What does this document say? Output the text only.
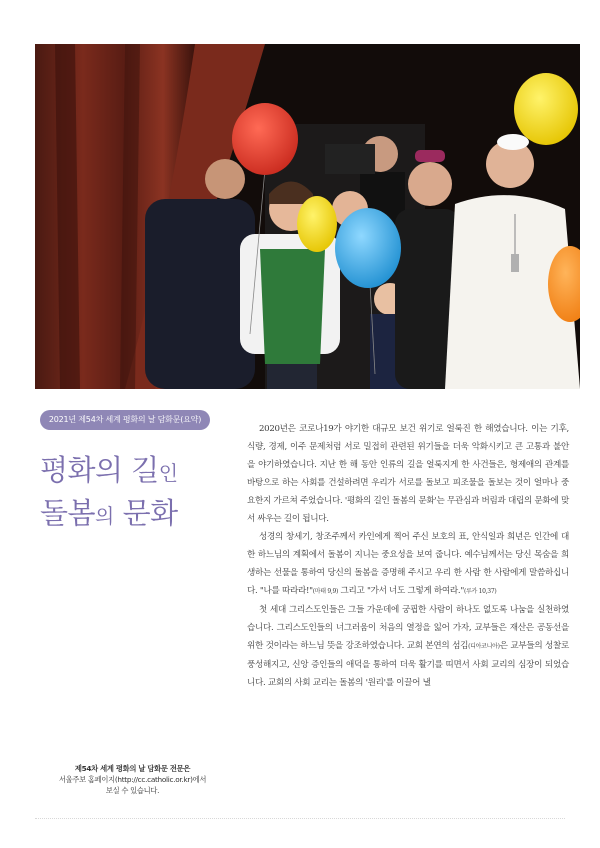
2021년 제54차 세계 평화의 날 담화문(요약)
평화의 길인
돌봄의 문화
제54차 세계 평화의 날 담화문 전문은
서울주보 홈페이지(http://cc.catholic.or.kr)에서
보실 수 있습니다.

2020년은 코로나19가 야기한 대규모 보건 위기로 얼룩진 한 해였습니다. 이는 기후, 식량, 경제, 이주 문제처럼 서로 밀접히 관련된 위기들을 더욱 악화시키고 큰 고통과 불안을 야기하였습니다. 지난 한 해 동안 인류의 길을 얼룩지게 한 사건들은, 형제애의 관계를 바탕으로 하는 사회를 건설하려면 우리가 서로를 돌보고 피조물을 돌보는 것이 얼마나 중요한지 가르쳐 주었습니다. '평화의 길인 돌봄의 문화'는 무관심과 버림과 대립의 문화에 맞서 싸우는 길이 됩니다.

성경의 창세기, 창조주께서 카인에게 찍어 주신 보호의 표, 안식일과 희년은 인간에 대한 하느님의 계획에서 돌봄이 지니는 중요성을 보여 줍니다. 예수님께서는 당신 목숨을 희생하는 선물을 통하여 당신의 돌봄을 증명해 주시고 우리 한 사람 한 사람에게 말씀하십니다. "나를 따라라!"(마태 9,9) 그리고 "가서 너도 그렇게 하여라."(루카 10,37)

첫 세대 그리스도인들은 그들 가운데에 궁핍한 사람이 하나도 없도록 나눔을 실천하였습니다. 그리스도인들의 너그러움이 처음의 열정을 잃어 가자, 교부들은 재산은 공동선을 위한 것이라는 하느님 뜻을 강조하였습니다. 교회 본연의 섬김(디아코니아)은 교부들의 성찰로 풍성해지고, 신앙 증인들의 애덕을 통하여 더욱 활기를 띠면서 사회 교리의 심장이 되었습니다. 교회의 사회 교리는 돌봄의 '원리'를 이끌어 낼
